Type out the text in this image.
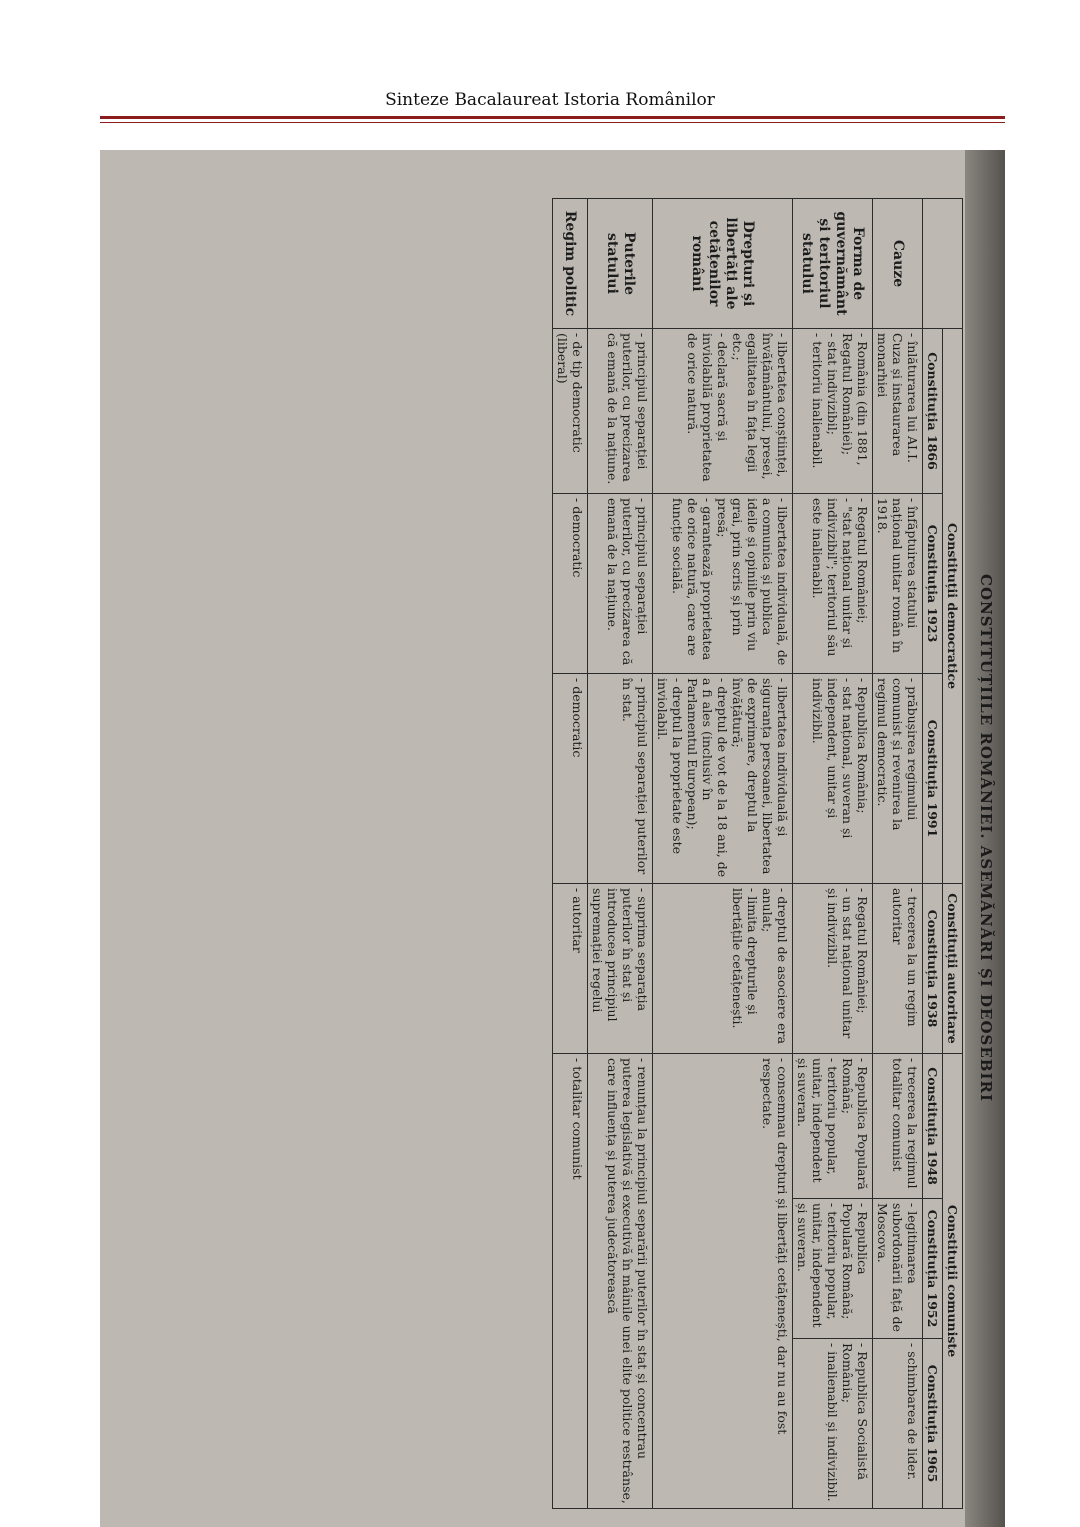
Sinteze Bacalaureat Istoria Românilor
CONSTITUȚIILE ROMÂNIEI. ASEMĂNĂRI ȘI DEOSEBIRI
	Constituții democratice			Constituții autoritare	Constituții comuniste		
	Constituția 1866	Constituția 1923	Constituția 1991	Constituția 1938	Constituția 1948	Constituția 1952	Constituția 1965
Cauze	- înlăturarea lui AI.I. Cuza și instaurarea monarhiei	- înfăptuirea statului național unitar român în 1918.	- prăbușirea regimului comunist și revenirea la regimul democratic.	- trecerea la un regim autoritar	- trecerea la regimul totalitar comunist	- legitimarea subordonării față de Moscova.	- schimbarea de lider.
Forma de guvernământ și teritoriul statului	- România (din 1881, Regatul României);
- stat indivizibil;
- teritoriu inalienabil.	- Regatul României;
- "stat național unitar și indivizibil"; teritoriul său este inalienabil.	- Republica România;
- stat național, suveran și independent, unitar și indivizibil.	- Regatul României;
- un stat național unitar și indivizibil.	- Republica Populară Română;
- teritoriu popular, unitar, independent și suveran.	- Republica Populară Română;
- teritoriu popular, unitar, independent și suveran.	- Republica Socialistă România;
- inalienabil și indivizibil.
Drepturi și libertăți ale cetățenilor români	- libertatea conștiinței, învățământului, presei, egalitatea în fața legii etc.;
- declară sacră și inviolabilă proprietatea de orice natură.	- libertatea individuală, de a comunica și publica ideile și opiniile prin viu grai, prin scris și prin presă;
- garantează proprietatea de orice natură, care are funcție socială.	- libertatea individuală și siguranța persoanei, libertatea de exprimare, dreptul la învățătură;
- dreptul de vot de la 18 ani, de a fi ales (inclusiv în Parlamentul European);
- dreptul la proprietate este inviolabil.	- dreptul de asociere era anulat;
- limita drepturile și libertățile cetățenești.	- consemnau drepturi și libertăți cetățenești, dar nu au fost respectate.		
Puterile statului	- principiul separației puterilor, cu precizarea că emană de la națiune.	- principiul separației puterilor, cu precizarea că emană de la națiune.	- principiul separației puterilor în stat.	- suprima separația puterilor în stat și introducea principiul supremației regelui	- renunțau la principiul separării puterilor în stat și concentrau puterea legislativă și executivă în mâinile unei elite politice restrânse, care influența și puterea judecătorească		
Regim politic	- de tip democratic (liberal)	- democratic	- democratic	- autoritar	- totalitar comunist		
